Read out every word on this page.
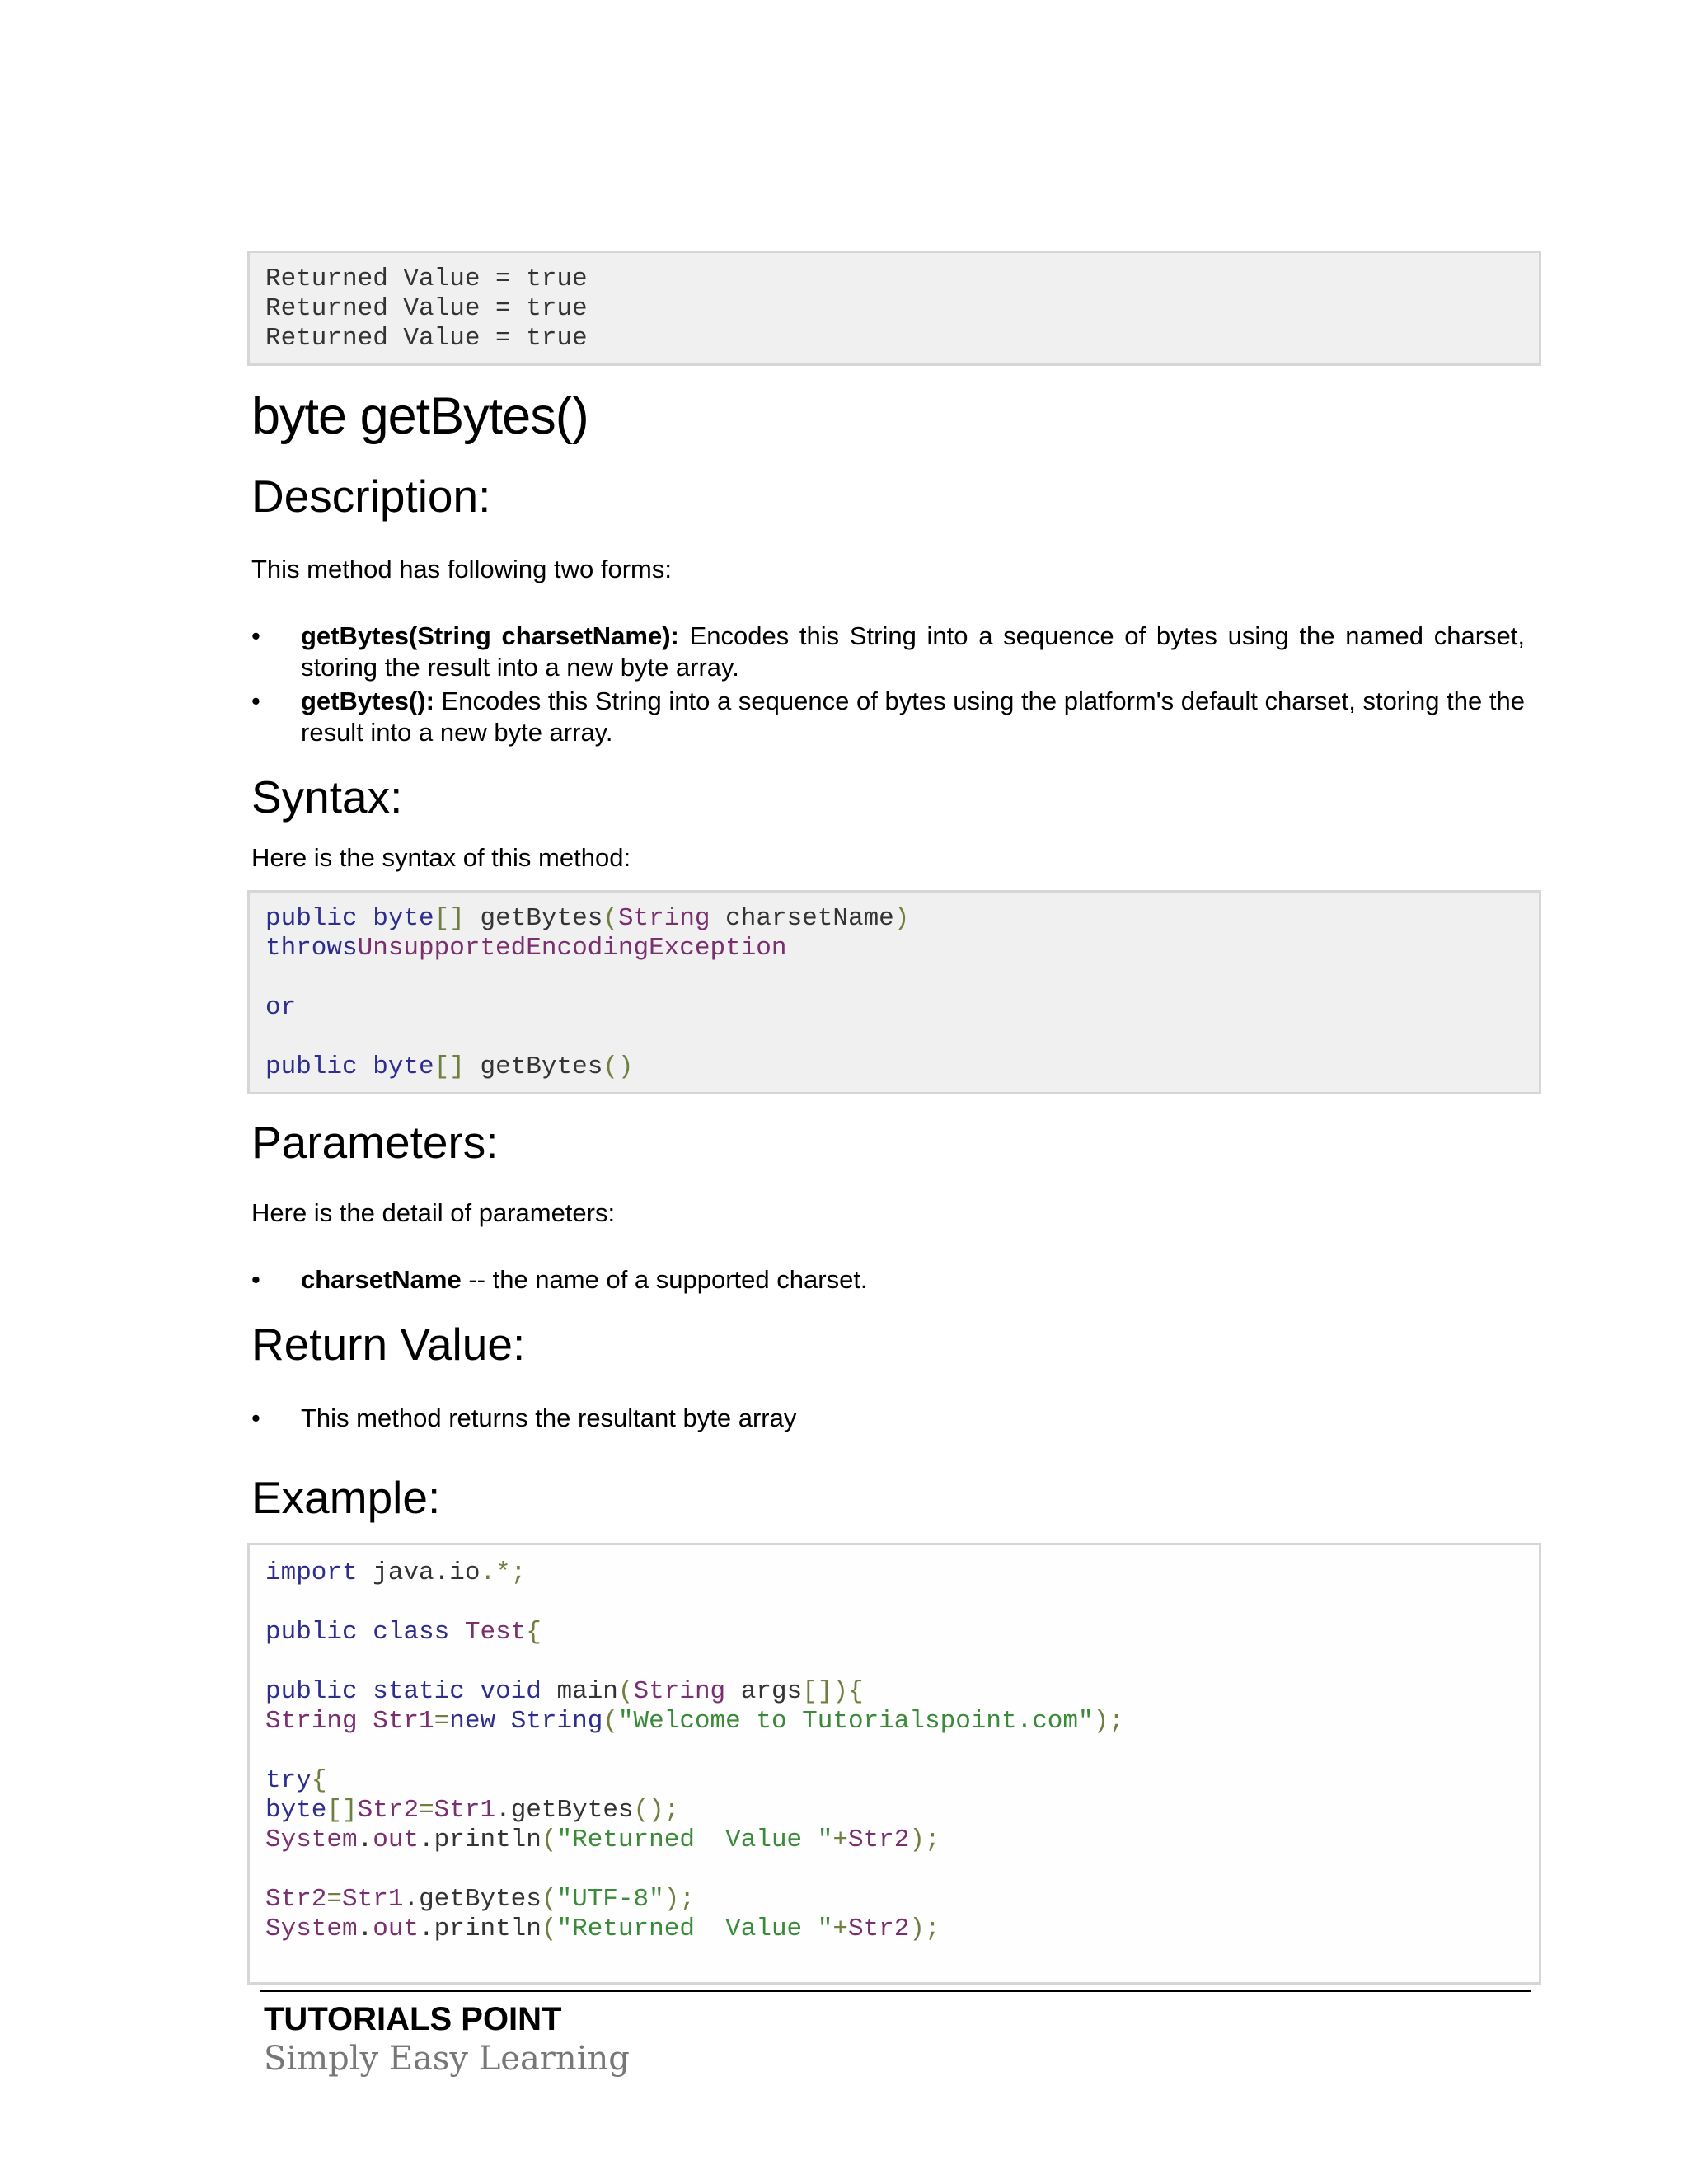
Returned Value = true
Returned Value = true
Returned Value = true
byte getBytes()
Description:

This method has following two forms:

• getBytes(String charsetName): Encodes this String into a sequence of bytes using the named charset, storing the result into a new byte array.
• getBytes(): Encodes this String into a sequence of bytes using the platform's default charset, storing the the result into a new byte array.
Syntax:

Here is the syntax of this method:

public byte[] getBytes(String charsetName)
throwsUnsupportedEncodingException

or

public byte[] getBytes()
Parameters:

Here is the detail of parameters:

• charsetName -- the name of a supported charset.
Return Value:
• This method returns the resultant byte array
Example:
import java.io.*;

public class Test{

public static void main(String args[]){
String Str1=new String("Welcome to Tutorialspoint.com");

try{
byte[]Str2=Str1.getBytes();
System.out.println("Returned  Value "+Str2);

Str2=Str1.getBytes("UTF-8");
System.out.println("Returned  Value "+Str2);
TUTORIALS POINT
Simply Easy Learning
